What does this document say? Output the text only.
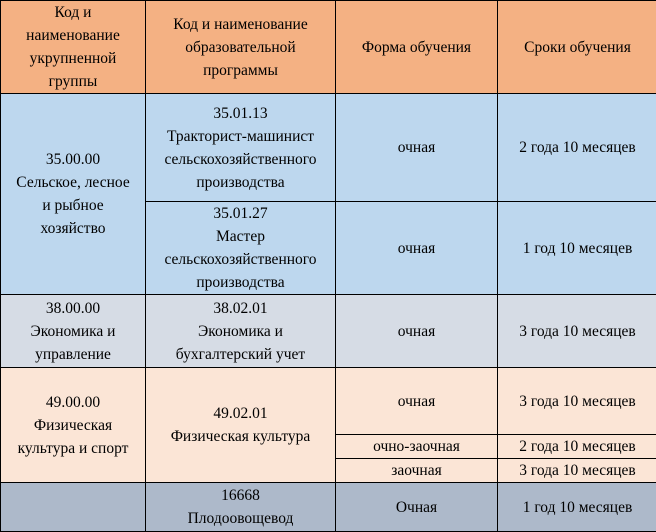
Код и
наименование
укрупненной
группы	Код и наименование
образовательной
программы	Форма обучения	Сроки обучения

35.00.00
Сельское, лесное
и рыбное
хозяйство	35.01.13
Тракторист-машинист
сельскохозяйственного
производства	очная	2 года 10 месяцев

	35.01.27
Мастер
сельскохозяйственного
производства	очная	1 год 10 месяцев

38.00.00
Экономика и
управление	38.02.01
Экономика и
бухгалтерский учет	очная	3 года 10 месяцев

49.00.00
Физическая
культура и спорт	49.02.01
Физическая культура	очная	3 года 10 месяцев
		очно-заочная	2 года 10 месяцев
		заочная	3 года 10 месяцев

	16668
Плодоовощевод	Очная	1 год 10 месяцев
